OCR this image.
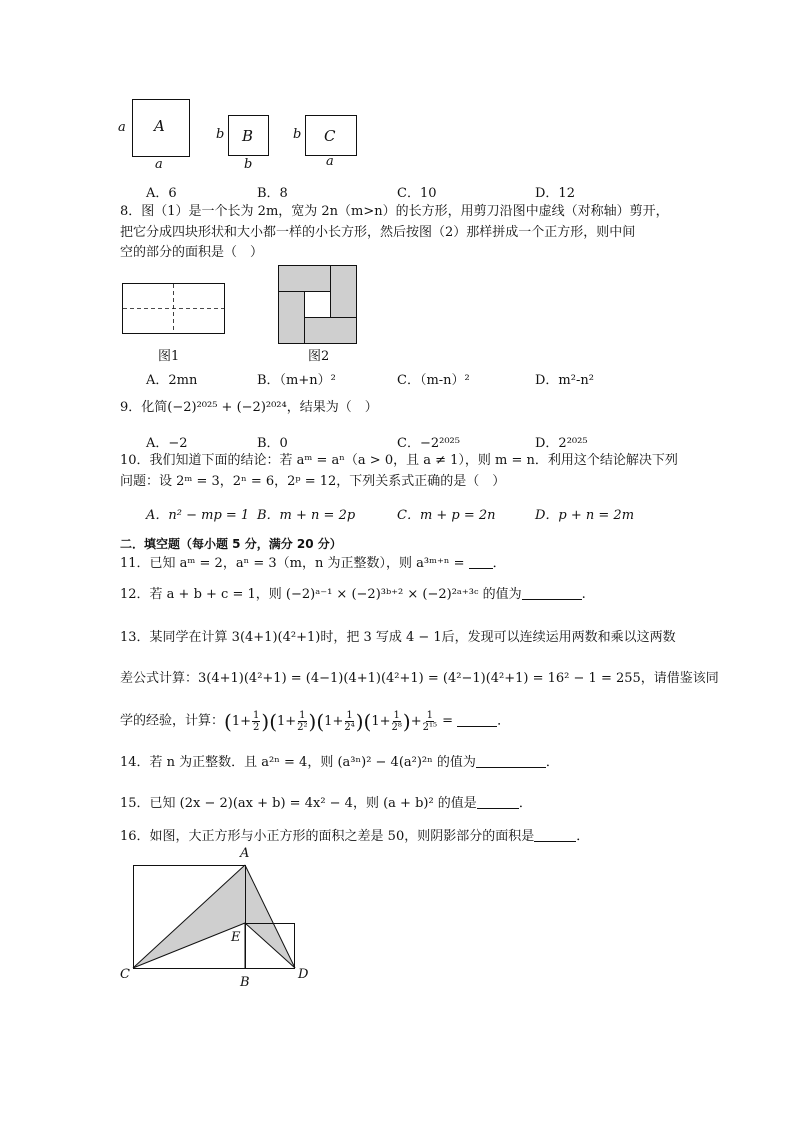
a A
a
b B
b
b C
a
A．6	B．8	C．10	D．12
8．图（1）是一个长为 2m，宽为 2n（m>n）的长方形，用剪刀沿图中虚线（对称轴）剪开，
把它分成四块形状和大小都一样的小长方形，然后按图（2）那样拼成一个正方形，则中间
空的部分的面积是（　）
图1	图2
A．2mn	B．（m+n）²	C．（m-n）²	D．m²-n²
9．化简(−2)²⁰²⁵ + (−2)²⁰²⁴，结果为（　）
A．−2	B．0	C．−2²⁰²⁵	D．2²⁰²⁵
10．我们知道下面的结论：若 aᵐ = aⁿ（a > 0，且 a ≠ 1），则 m = n．利用这个结论解决下列
问题：设 2ᵐ = 3，2ⁿ = 6，2ᵖ = 12，下列关系式正确的是（　）
A．n² − mp = 1 B．m + n = 2p	C．m + p = 2n	D．p + n = 2m
二．填空题（每小题 5 分，满分 20 分）
11．已知 aᵐ = 2，aⁿ = 3（m，n 为正整数），则 a³ᵐ⁺ⁿ = ．
12．若 a + b + c = 1，则 (−2)ᵃ⁻¹ × (−2)³ᵇ⁺² × (−2)²ᵃ⁺³ᶜ 的值为	.
13．某同学在计算 3(4+1)(4²+1)时，把 3 写成 4 − 1后，发现可以连续运用两数和乘以这两数
差公式计算：3(4+1)(4²+1) = (4−1)(4+1)(4²+1) = (4²−1)(4²+1) = 16² − 1 = 255，请借鉴该同
学的经验，计算：$(1+ \frac{1}{2} )(1+ \frac{1}{\text{2²}} )(1+ \frac{1}{\text{2⁴}} )(1+ \frac{1}{\text{2⁸}}$ )+ $\frac{1}{\text{2¹⁵}}$ =	．
14．若 n 为正整数．且 a²ⁿ = 4，则 (a³ⁿ)² − 4(a²)²ⁿ 的值为	．
15．已知 (2x − 2)(ax + b) = 4x² − 4，则 (a + b)² 的值是	．
16．如图，大正方形与小正方形的面积之差是 50，则阴影部分的面积是	．
A
E
C
B
D
